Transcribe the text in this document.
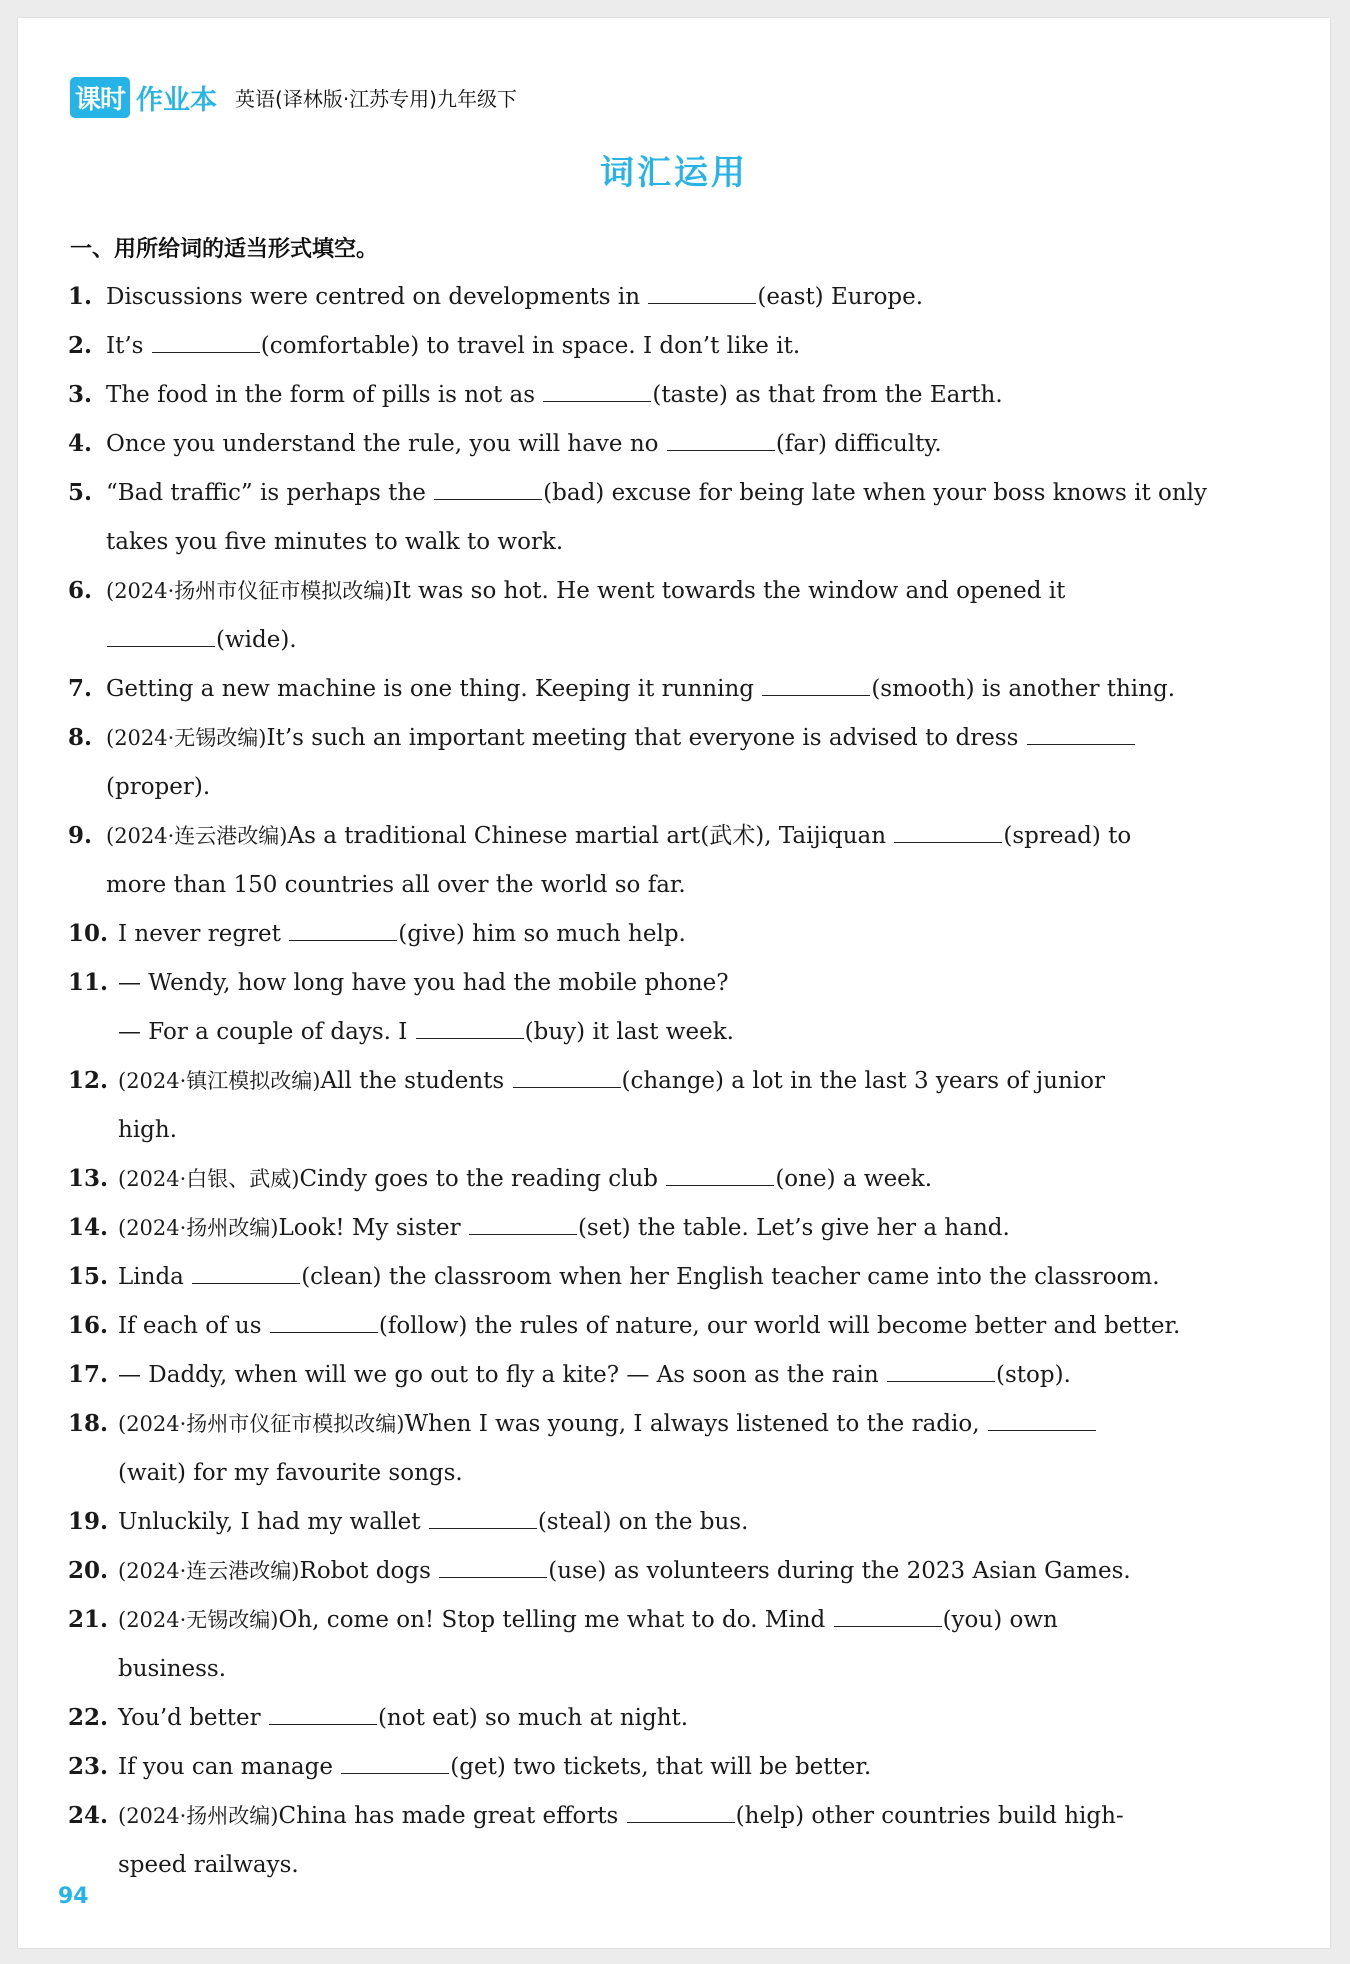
课时 作业本 英语(译林版·江苏专用)九年级下
词汇运用
一、用所给词的适当形式填空。
1. Discussions were centred on developments in	(east) Europe.
2. It’s	(comfortable) to travel in space. I don’t like it.
3. The food in the form of pills is not as	(taste) as that from the Earth.
4. Once you understand the rule, you will have no	(far) difficulty.
5. “Bad traffic” is perhaps the	(bad) excuse for being late when your boss knows it only
takes you five minutes to walk to work.
6. (2024·扬州市仪征市模拟改编)It was so hot. He went towards the window and opened it
(wide).
7. Getting a new machine is one thing. Keeping it running	(smooth) is another thing.
8. (2024·无锡改编)It’s such an important meeting that everyone is advised to dress
(proper).
9. (2024·连云港改编)As a traditional Chinese martial art(武术), Taijiquan	(spread) to
more than 150 countries all over the world so far.
10. I never regret	(give) him so much help.
11. — Wendy, how long have you had the mobile phone?
— For a couple of days. I	(buy) it last week.
12. (2024·镇江模拟改编)All the students	(change) a lot in the last 3 years of junior
high.
13. (2024·白银、武威)Cindy goes to the reading club	(one) a week.
14. (2024·扬州改编)Look! My sister	(set) the table. Let’s give her a hand.
15. Linda	(clean) the classroom when her English teacher came into the classroom.
16. If each of us	(follow) the rules of nature, our world will become better and better.
17. — Daddy, when will we go out to fly a kite? — As soon as the rain	(stop).
18. (2024·扬州市仪征市模拟改编)When I was young, I always listened to the radio,
(wait) for my favourite songs.
19. Unluckily, I had my wallet	(steal) on the bus.
20. (2024·连云港改编)Robot dogs	(use) as volunteers during the 2023 Asian Games.
21. (2024·无锡改编)Oh, come on! Stop telling me what to do. Mind	(you) own
business.
22. You’d better	(not eat) so much at night.
23. If you can manage	(get) two tickets, that will be better.
24. (2024·扬州改编)China has made great efforts	(help) other countries build high-
speed railways.
94
